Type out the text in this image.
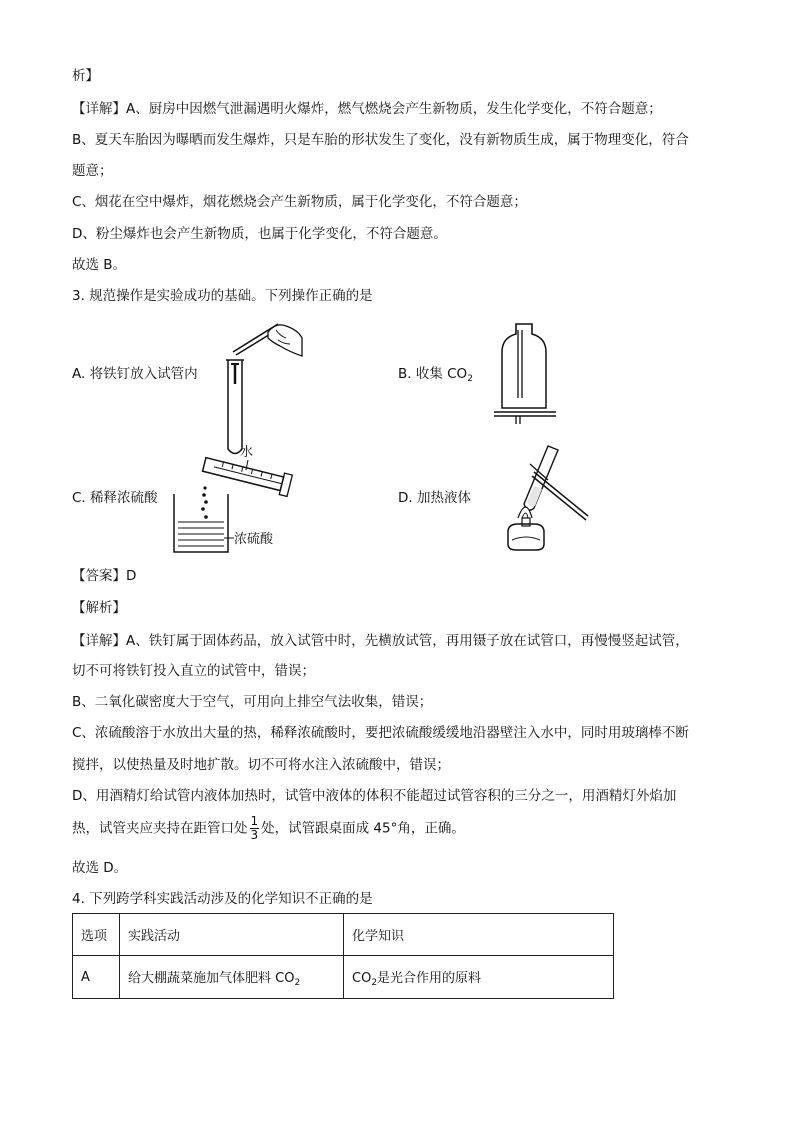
析】
【详解】A、厨房中因燃气泄漏遇明火爆炸，燃气燃烧会产生新物质，发生化学变化，不符合题意；
B、夏天车胎因为曝晒而发生爆炸，只是车胎的形状发生了变化，没有新物质生成，属于物理变化，符合
题意；
C、烟花在空中爆炸，烟花燃烧会产生新物质，属于化学变化，不符合题意；
D、粉尘爆炸也会产生新物质，也属于化学变化，不符合题意。
故选 B。
3. 规范操作是实验成功的基础。下列操作正确的是
A. 将铁钉放入试管内	B. 收集 $CO_2$
C. 稀释浓硫酸	D. 加热液体
水
浓硫酸
【答案】D
【解析】
【详解】A、铁钉属于固体药品，放入试管中时，先横放试管，再用镊子放在试管口，再慢慢竖起试管，
切不可将铁钉投入直立的试管中，错误；
B、二氧化碳密度大于空气，可用向上排空气法收集，错误；
C、浓硫酸溶于水放出大量的热，稀释浓硫酸时，要把浓硫酸缓缓地沿器壁注入水中，同时用玻璃棒不断
搅拌，以使热量及时地扩散。切不可将水注入浓硫酸中，错误；
D、用酒精灯给试管内液体加热时，试管中液体的体积不能超过试管容积的三分之一，用酒精灯外焰加
热，试管夹应夹持在距管口处 $\frac{1}{3}$ 处，试管跟桌面成 45°角，正确。
故选 D。
4. 下列跨学科实践活动涉及的化学知识不正确的是
选项	实践活动	化学知识
A	给大棚蔬菜施加气体肥料 $CO_2$	$CO_2$是光合作用的原料
